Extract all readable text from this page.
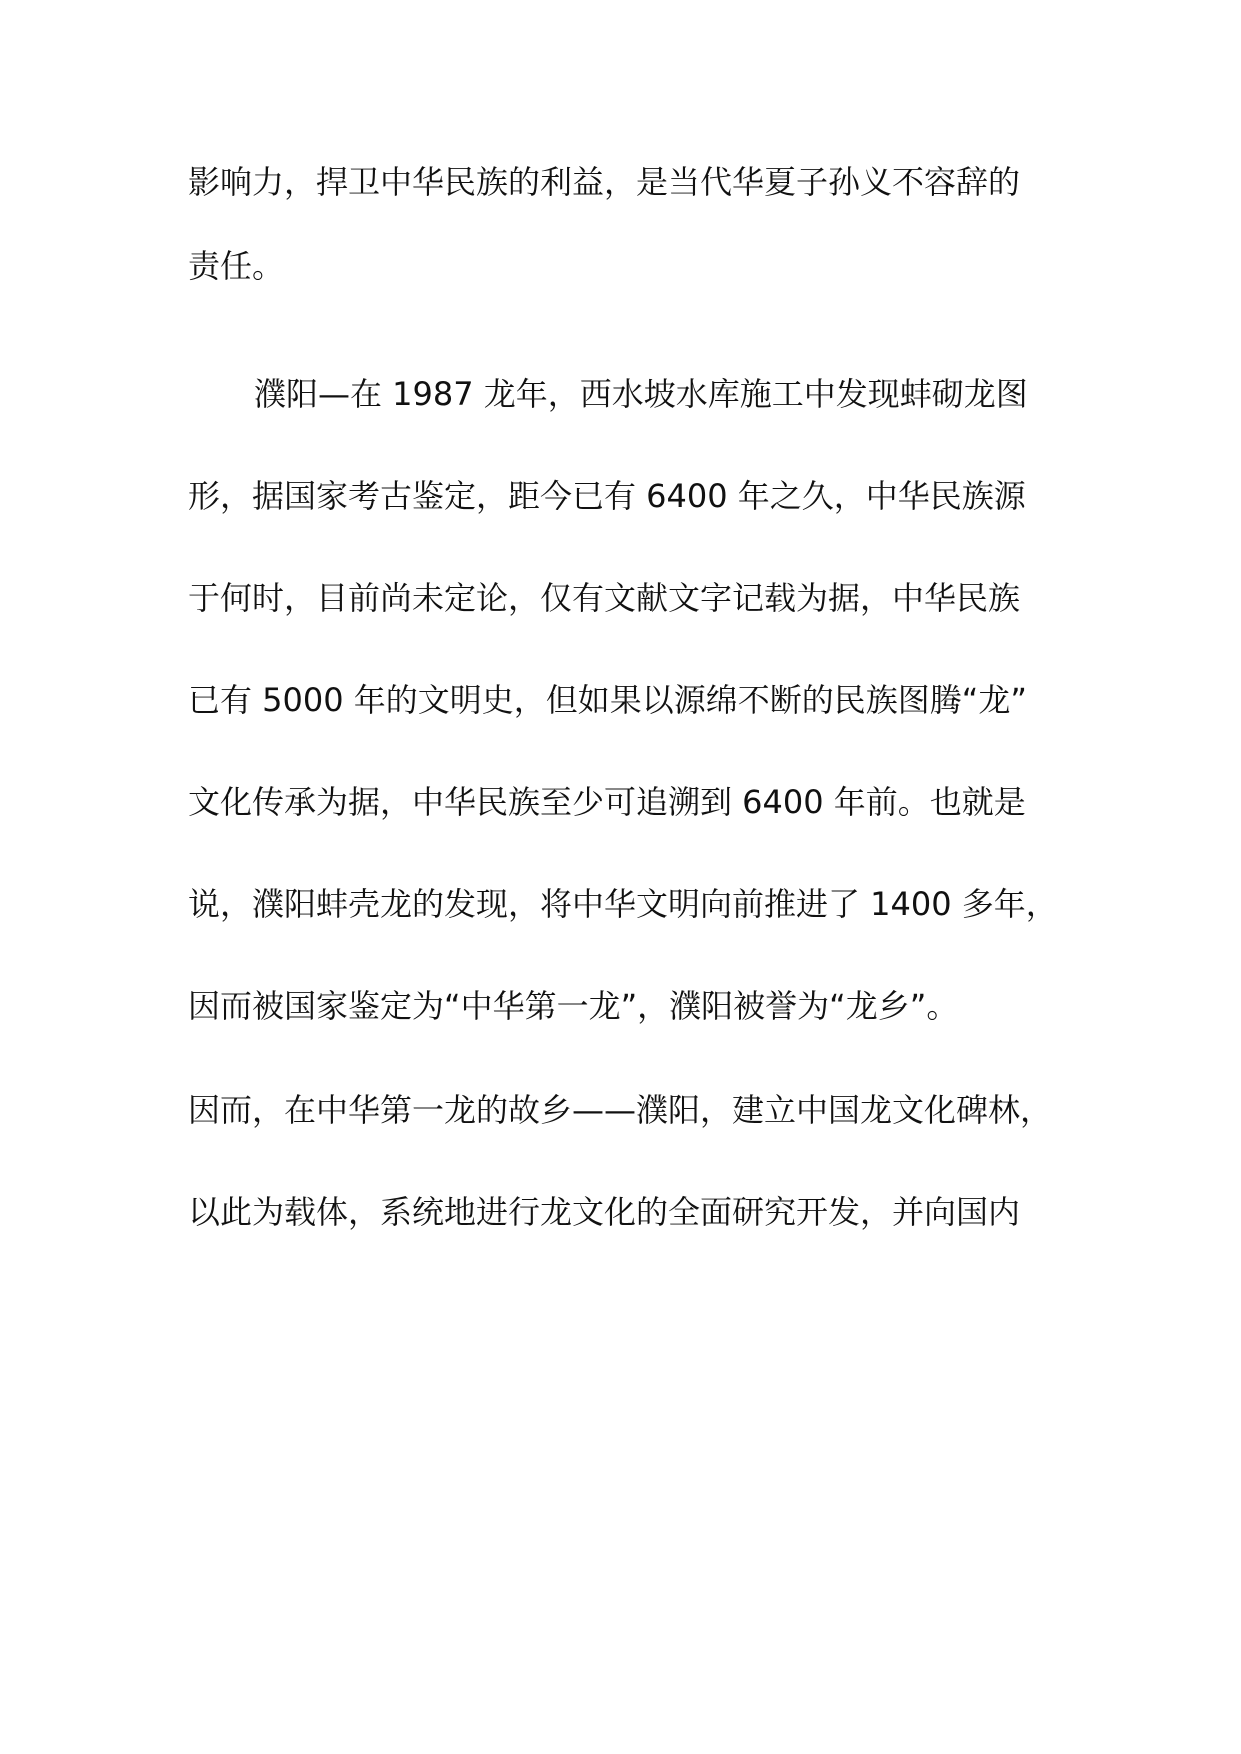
影响力，捍卫中华民族的利益，是当代华夏子孙义不容辞的
责任。
濮阳—在 1987 龙年，西水坡水库施工中发现蚌砌龙图
形，据国家考古鉴定，距今已有 6400 年之久，中华民族源
于何时，目前尚未定论，仅有文献文字记载为据，中华民族
已有 5000 年的文明史，但如果以源绵不断的民族图腾“龙”
文化传承为据，中华民族至少可追溯到 6400 年前。也就是
说，濮阳蚌壳龙的发现，将中华文明向前推进了 1400 多年，
因而被国家鉴定为“中华第一龙”，濮阳被誉为“龙乡”。
因而，在中华第一龙的故乡——濮阳，建立中国龙文化碑林，
以此为载体，系统地进行龙文化的全面研究开发，并向国内
